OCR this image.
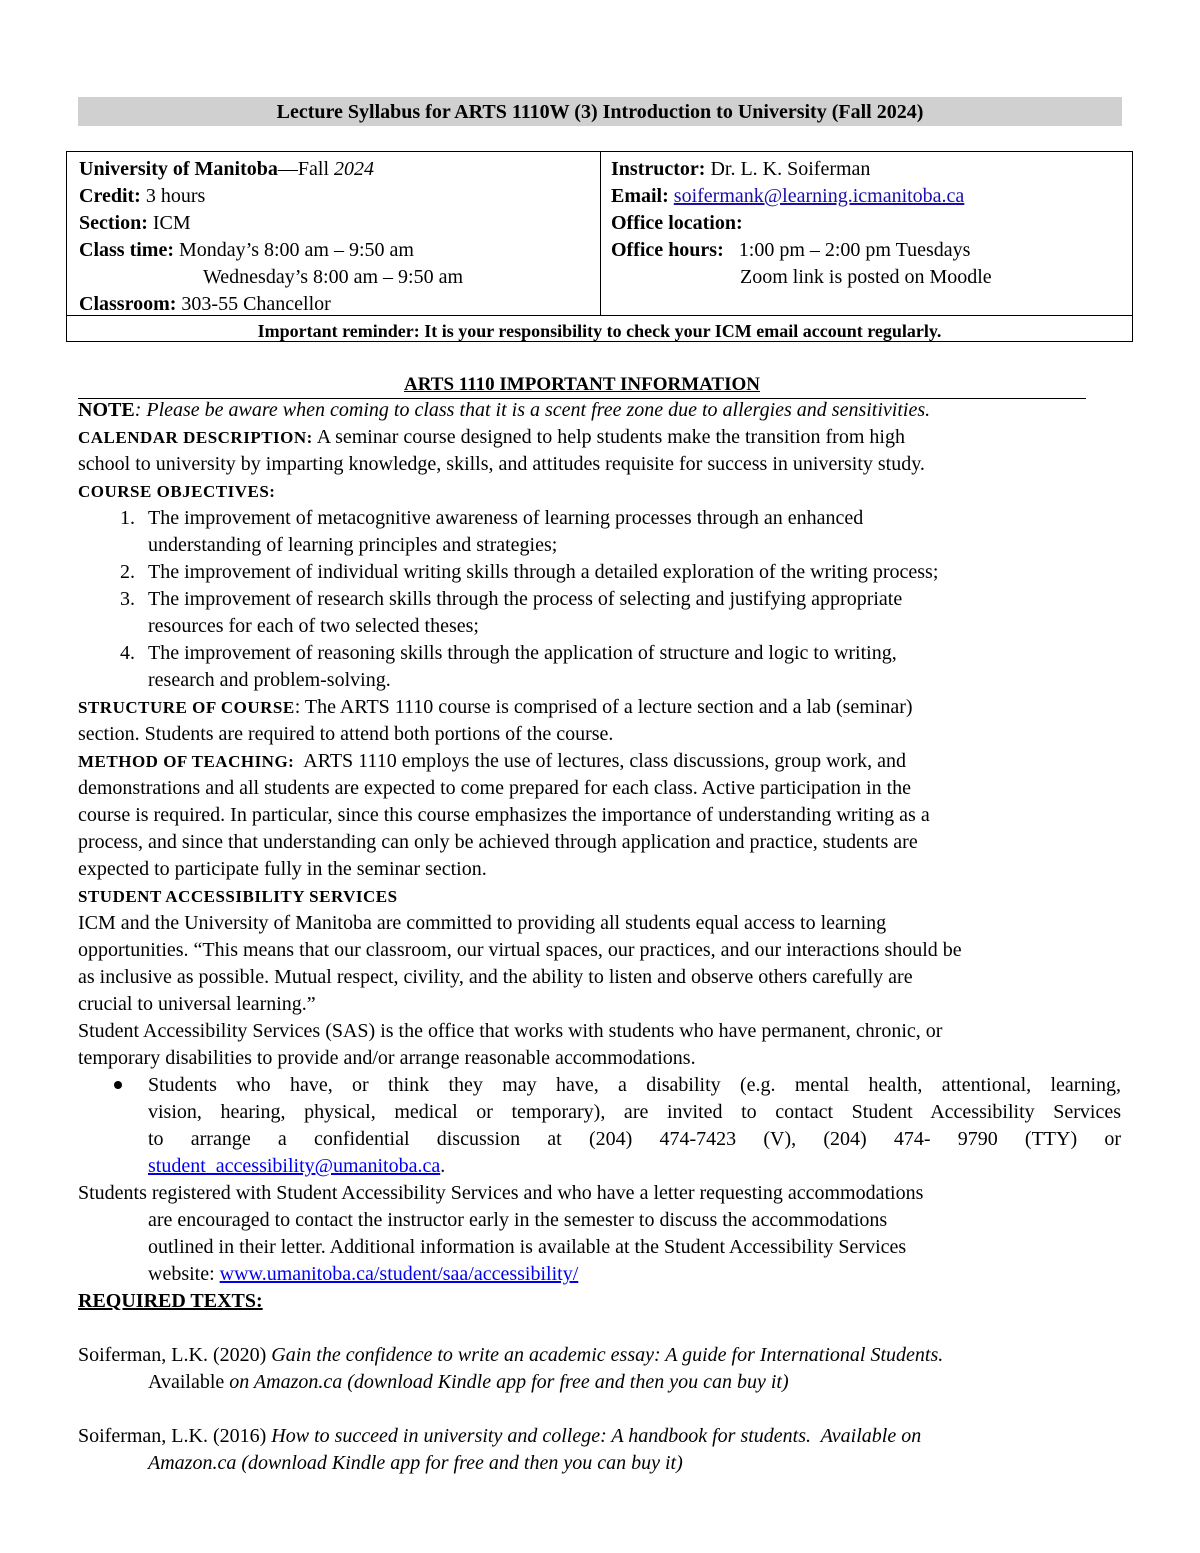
Lecture Syllabus for ARTS 1110W (3) Introduction to University (Fall 2024)
University of Manitoba—Fall 2024
Credit: 3 hours
Section: ICM
Class time: Monday’s 8:00 am – 9:50 am
Wednesday’s 8:00 am – 9:50 am
Classroom: 303-55 Chancellor
Instructor: Dr. L. K. Soiferman
Email: soifermank@learning.icmanitoba.ca
Office location:
Office hours: 1:00 pm – 2:00 pm Tuesdays
Zoom link is posted on Moodle
Important reminder: It is your responsibility to check your ICM email account regularly.
ARTS 1110 IMPORTANT INFORMATION
NOTE: Please be aware when coming to class that it is a scent free zone due to allergies and sensitivities.
CALENDAR DESCRIPTION: A seminar course designed to help students make the transition from high
school to university by imparting knowledge, skills, and attitudes requisite for success in university study.
COURSE OBJECTIVES:
1. The improvement of metacognitive awareness of learning processes through an enhanced
understanding of learning principles and strategies;
2. The improvement of individual writing skills through a detailed exploration of the writing process;
3. The improvement of research skills through the process of selecting and justifying appropriate
resources for each of two selected theses;
4. The improvement of reasoning skills through the application of structure and logic to writing,
research and problem-solving.
STRUCTURE OF COURSE: The ARTS 1110 course is comprised of a lecture section and a lab (seminar)
section. Students are required to attend both portions of the course.
METHOD OF TEACHING:  ARTS 1110 employs the use of lectures, class discussions, group work, and
demonstrations and all students are expected to come prepared for each class. Active participation in the
course is required. In particular, since this course emphasizes the importance of understanding writing as a
process, and since that understanding can only be achieved through application and practice, students are
expected to participate fully in the seminar section.
STUDENT ACCESSIBILITY SERVICES
ICM and the University of Manitoba are committed to providing all students equal access to learning
opportunities. “This means that our classroom, our virtual spaces, our practices, and our interactions should be
as inclusive as possible. Mutual respect, civility, and the ability to listen and observe others carefully are
crucial to universal learning.”
Student Accessibility Services (SAS) is the office that works with students who have permanent, chronic, or
temporary disabilities to provide and/or arrange reasonable accommodations.
Students who have, or think they may have, a disability (e.g. mental health, attentional, learning,
vision, hearing, physical, medical or temporary), are invited to contact Student Accessibility Services
to arrange a confidential discussion at (204) 474-7423 (V), (204) 474- 9790 (TTY) or
student_accessibility@umanitoba.ca.
Students registered with Student Accessibility Services and who have a letter requesting accommodations
are encouraged to contact the instructor early in the semester to discuss the accommodations
outlined in their letter. Additional information is available at the Student Accessibility Services
website: www.umanitoba.ca/student/saa/accessibility/
REQUIRED TEXTS:
Soiferman, L.K. (2020) Gain the confidence to write an academic essay: A guide for International Students.
Available on Amazon.ca (download Kindle app for free and then you can buy it)
Soiferman, L.K. (2016) How to succeed in university and college: A handbook for students.  Available on
Amazon.ca (download Kindle app for free and then you can buy it)
